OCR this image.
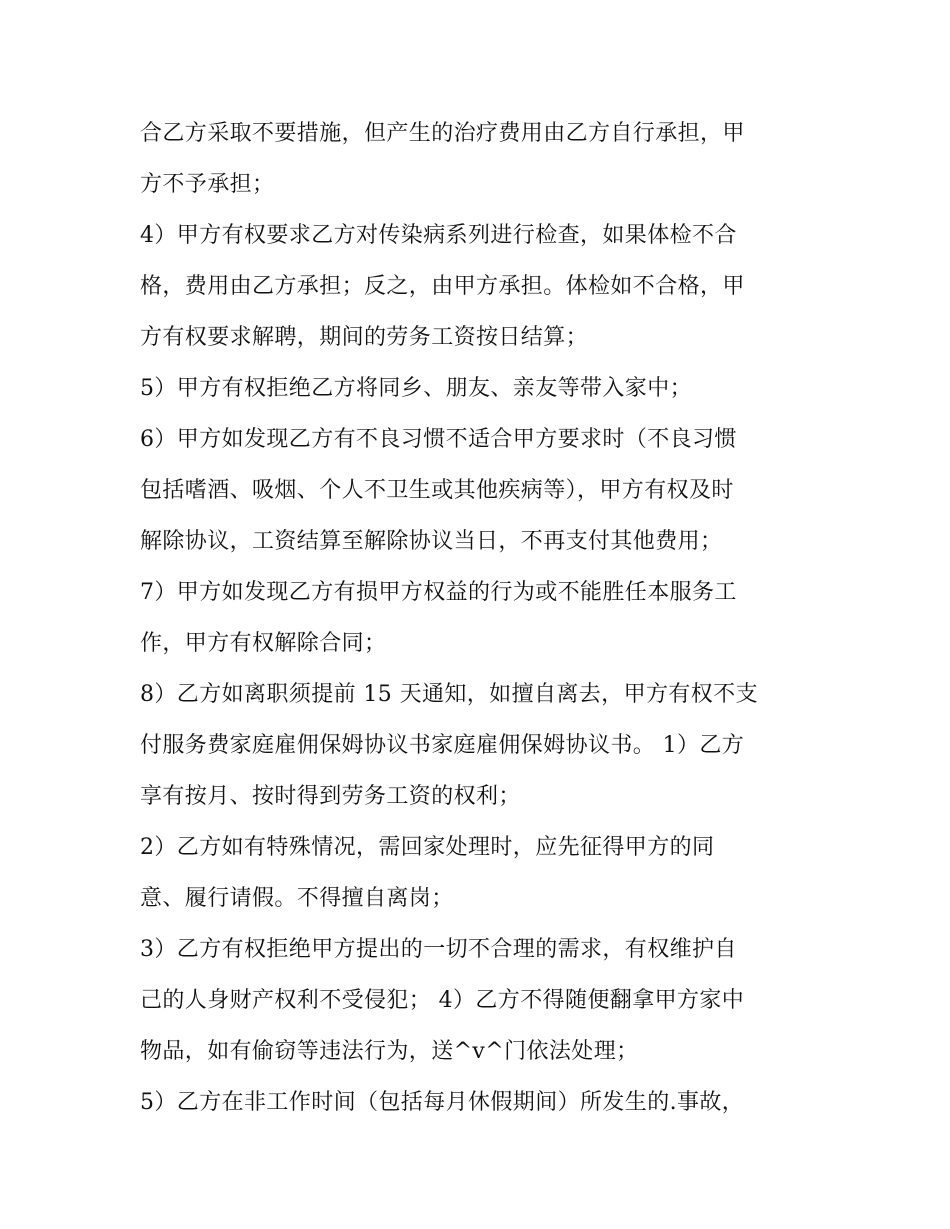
合乙方采取不要措施，但产生的治疗费用由乙方自行承担，甲
方不予承担；
4）甲方有权要求乙方对传染病系列进行检查，如果体检不合
格，费用由乙方承担；反之，由甲方承担。体检如不合格，甲
方有权要求解聘，期间的劳务工资按日结算；
5）甲方有权拒绝乙方将同乡、朋友、亲友等带入家中；
6）甲方如发现乙方有不良习惯不适合甲方要求时（不良习惯
包括嗜酒、吸烟、个人不卫生或其他疾病等），甲方有权及时
解除协议，工资结算至解除协议当日，不再支付其他费用；
7）甲方如发现乙方有损甲方权益的行为或不能胜任本服务工
作，甲方有权解除合同；
8）乙方如离职须提前 15 天通知，如擅自离去，甲方有权不支
付服务费家庭雇佣保姆协议书家庭雇佣保姆协议书。 1）乙方
享有按月、按时得到劳务工资的权利；
2）乙方如有特殊情况，需回家处理时，应先征得甲方的同
意、履行请假。不得擅自离岗；
3）乙方有权拒绝甲方提出的一切不合理的需求，有权维护自
己的人身财产权利不受侵犯； 4）乙方不得随便翻拿甲方家中
物品，如有偷窃等违法行为，送^v^门依法处理；
5）乙方在非工作时间（包括每月休假期间）所发生的.事故，
